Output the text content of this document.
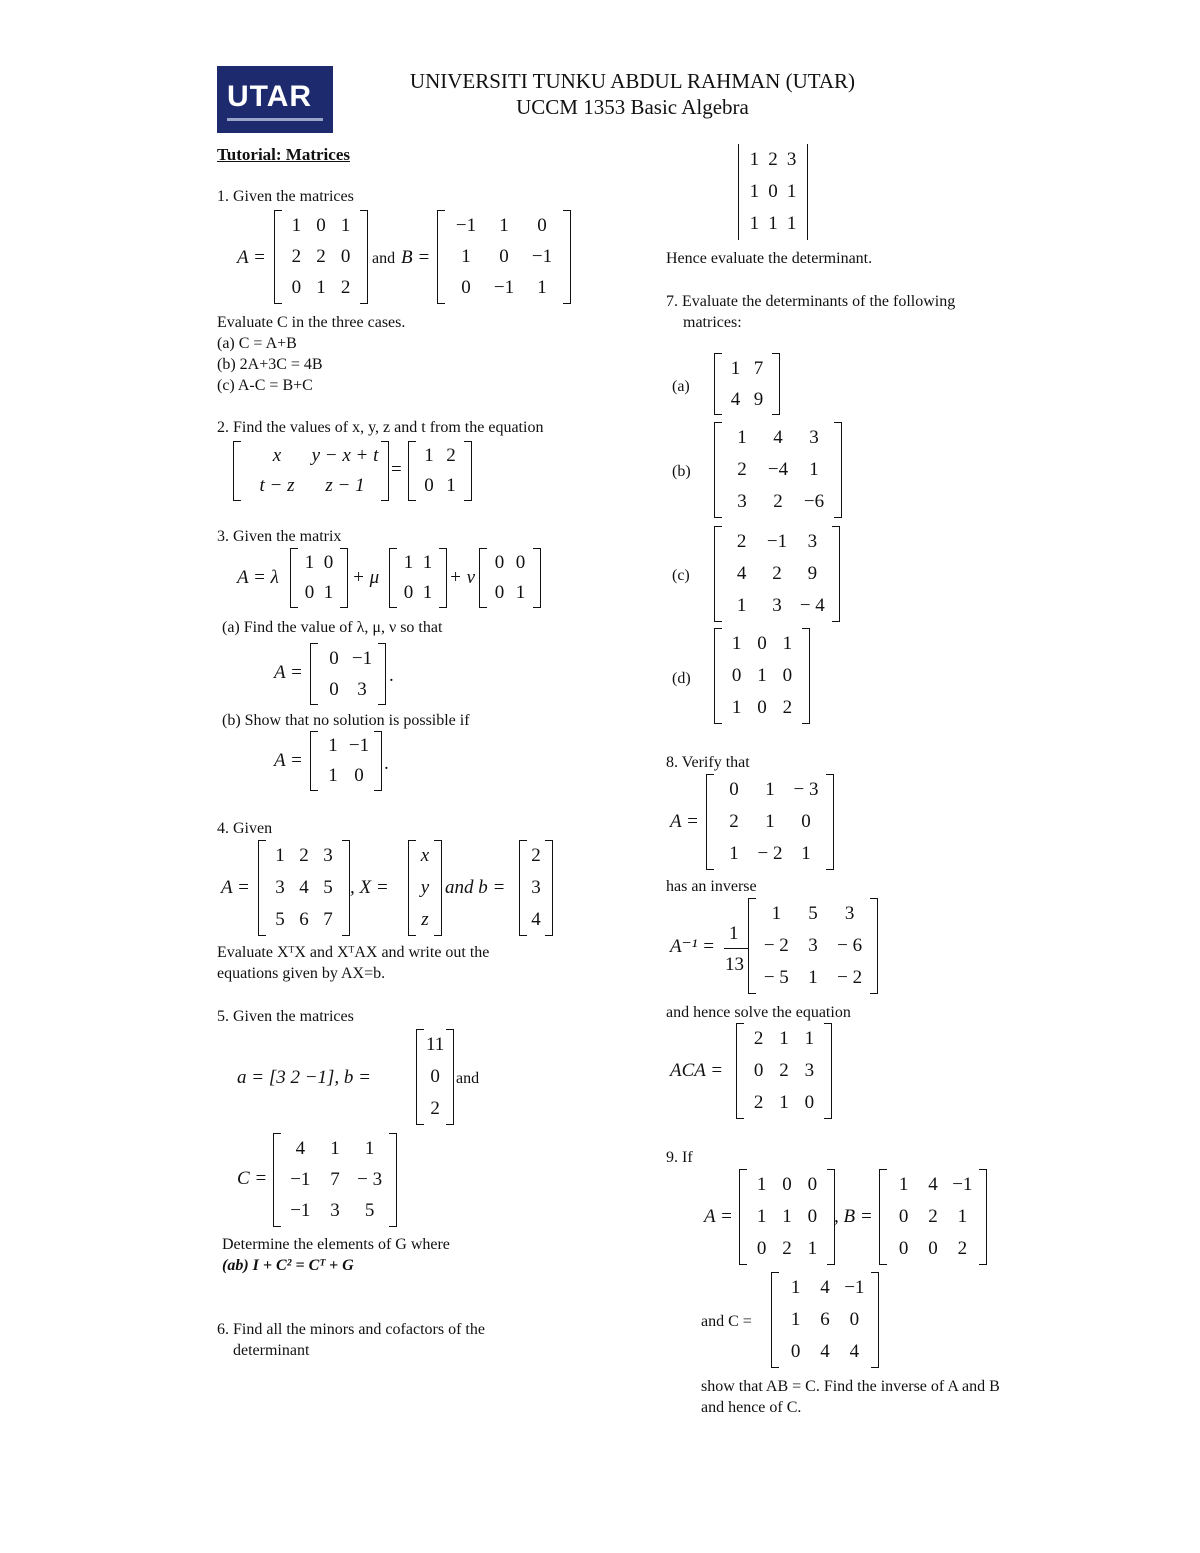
UTAR	UNIVERSITI TUNKU ABDUL RAHMAN (UTAR)
UCCM 1353 Basic Algebra
Tutorial: Matrices
1. Given the matrices
A =
1 0 1
2 2 0
0 1 2
and B =
−1	1	0
1	0	−1
0	−1	1
Evaluate C in the three cases.
(a) C = A+B
(b) 2A+3C = 4B
(c) A-C = B+C
2. Find the values of x, y, z and t from the equation
x	y − x + t
t − z	z − 1
=
1 2
0 1
3. Given the matrix
A = λ
1 0
0 1
+ μ
1 1
0 1
+ ν
0 0
0 1
(a) Find the value of λ, μ, ν so that
A =
0 −1
0 3
.
(b) Show that no solution is possible if
A =
1 −1
1 0
.
4. Given
A =
1 2 3
3 4 5
5 6 7
, X =
x
y
z
and b =
2
3
4
Evaluate XᵀX and XᵀAX and write out the
equations given by AX=b.
5. Given the matrices
a = [3 2 −1], b =
11
0
2
and
C =
4	1	1
−1	7 − 3
−1	3	5
Determine the elements of G where
(ab) I + C² = Cᵀ + G
6. Find all the minors and cofactors of the
determinant
1 2 3
1 0 1
1 1 1
Hence evaluate the determinant.
7. Evaluate the determinants of the following
matrices:
(a)
1 7
4 9
(b)
1	4	3
2	−4	1
3	2	−6
(c)
2	−1	3
4	2	9
1	3 − 4
(d)
1 0 1
0 1 0
1 0 2
8. Verify that
A =
0	1 − 3
2	1	0
1 − 2 1
has an inverse
A⁻¹ =
1
13
1	5	3
− 2	3	− 6
− 5	1	− 2
and hence solve the equation
ACA =
2 1 1
0 2 3
2 1 0
9. If
A =
1 0 0
1 1 0
0 2 1
, B =
1	4 −1
0	2	1
0	0	2
and C =
1	4 −1
1	6	0
0	4	4
show that AB = C. Find the inverse of A and B
and hence of C.
